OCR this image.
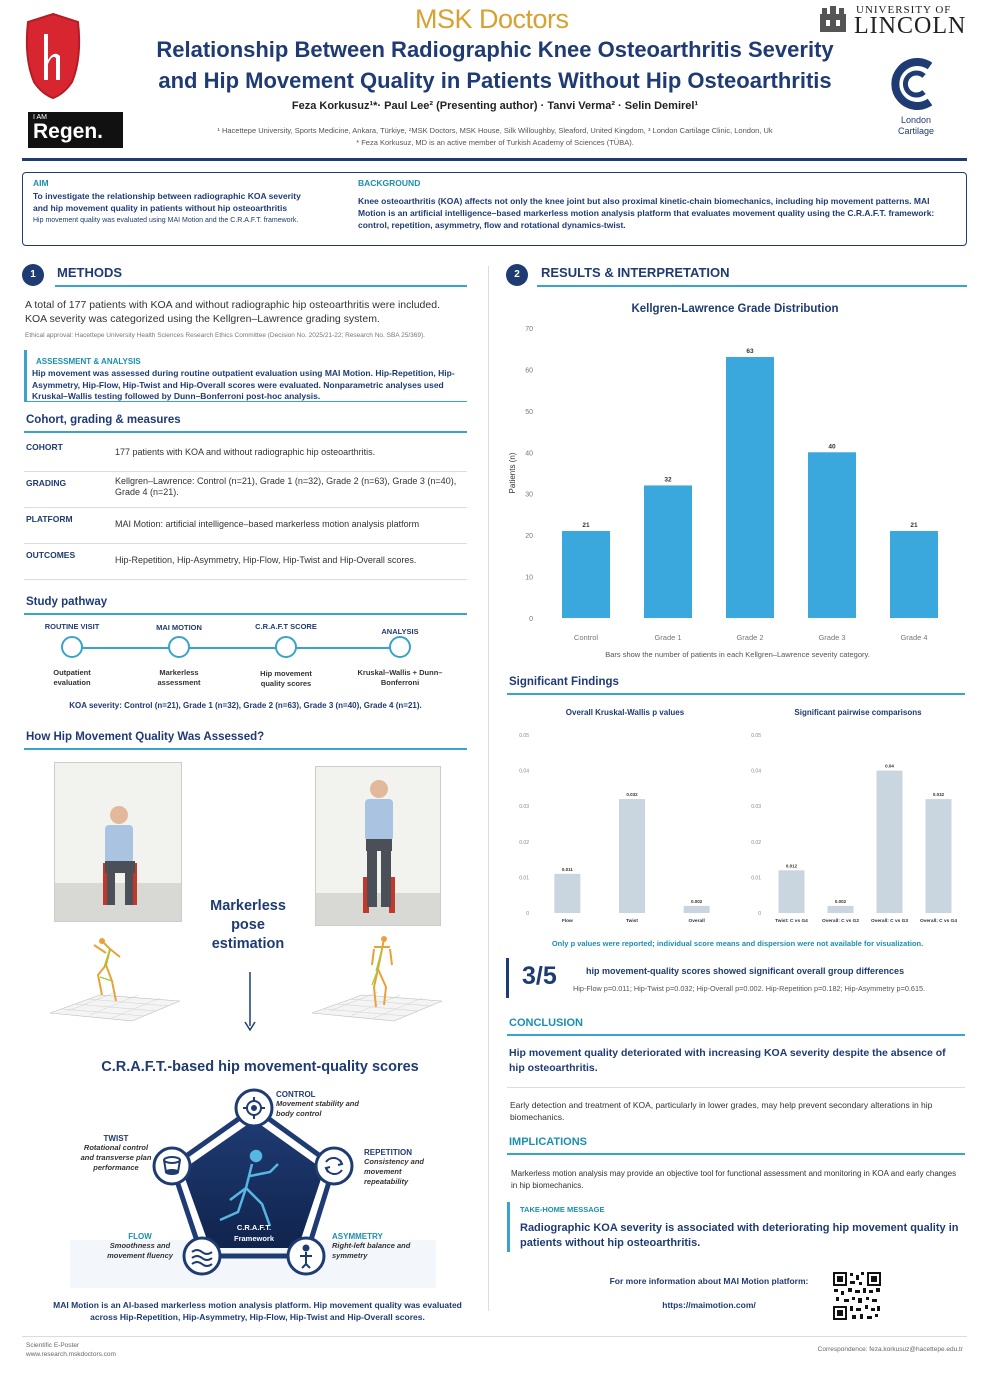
MSK Doctors	UNIVERSITY OF
LINCOLN
Relationship Between Radiographic Knee Osteoarthritis Severity
and Hip Movement Quality in Patients Without Hip Osteoarthritis
London Cartilage
Feza Korkusuz¹*· Paul Lee² (Presenting author) · Tanvi Verma² · Selin Demirel¹
¹ Hacettepe University, Sports Medicine, Ankara, Türkiye, ²MSK Doctors, MSK House, Silk Willoughby, Sleaford, United Kingdom, ³ London Cartilage Clinic, London, Uk
* Feza Korkusuz, MD is an active member of Turkish Academy of Sciences (TÜBA).
I AM
Regen.
AIM
To investigate the relationship between radiographic KOA severity and hip movement quality in patients without hip osteoarthritis
Hip movement quality was evaluated using MAI Motion and the C.R.A.F.T. framework.
BACKGROUND
Knee osteoarthritis (KOA) affects not only the knee joint but also proximal kinetic-chain biomechanics, including hip movement patterns. MAI Motion is an artificial intelligence–based markerless motion analysis platform that evaluates movement quality using the C.R.A.F.T. framework: control, repetition, asymmetry, flow and rotational dynamics-twist.
1	METHODS
A total of 177 patients with KOA and without radiographic hip osteoarthritis were included. KOA severity was categorized using the Kellgren–Lawrence grading system.
Ethical approval: Hacettepe University Health Sciences Research Ethics Committee (Decision No. 2025/21-22; Research No. SBA 25/369).
ASSESSMENT & ANALYSIS
Hip movement was assessed during routine outpatient evaluation using MAI Motion. Hip-Repetition, Hip-Asymmetry, Hip-Flow, Hip-Twist and Hip-Overall scores were evaluated. Nonparametric analyses used Kruskal–Wallis testing followed by Dunn–Bonferroni post-hoc analysis.
Cohort, grading & measures
COHORT	177 patients with KOA and without radiographic hip osteoarthritis.
GRADING	Kellgren–Lawrence: Control (n=21), Grade 1 (n=32), Grade 2 (n=63), Grade 3 (n=40), Grade 4 (n=21).
PLATFORM	MAI Motion: artificial intelligence–based markerless motion analysis platform
OUTCOMES	Hip-Repetition, Hip-Asymmetry, Hip-Flow, Hip-Twist and Hip-Overall scores.
Study pathway
ROUTINE VISIT
Outpatient evaluation
MAI MOTION
Markerless assessment
C.R.A.F.T SCORE
Hip movement quality scores
ANALYSIS
Kruskal–Wallis + Dunn–Bonferroni
KOA severity: Control (n=21), Grade 1 (n=32), Grade 2 (n=63), Grade 3 (n=40), Grade 4 (n=21).
How Hip Movement Quality Was Assessed?
Markerless pose estimation
C.R.A.F.T.-based hip movement-quality scores
C.R.A.F.T.
Framework
CONTROL
Movement stability and body control
REPETITION
Consistency and movement repeatability
ASYMMETRY
Right-left balance and symmetry
FLOW
Smoothness and movement fluency
TWIST
Rotational control and transverse plan performance
MAI Motion is an AI-based markerless motion analysis platform. Hip movement quality was evaluated across Hip-Repetition, Hip-Asymmetry, Hip-Flow, Hip-Twist and Hip-Overall scores.
2	RESULTS & INTERPRETATION
Kellgren-Lawrence Grade Distribution
0
10
20
30
40
50
60
70
Patients (n)
21
Control
32
Grade 1
63
Grade 2
40
Grade 3
21
Grade 4
Bars show the number of patients in each Kellgren–Lawrence severity category.
Significant Findings
Overall Kruskal-Wallis p values
0
0.01
0.02
0.03
0.04
0.05
0.011
Flow
0.032
Twist
0.002
Overall
Significant pairwise comparisons
0
0.01
0.02
0.03
0.04
0.05
0.012
Twist: C vs G4
0.002
Overall: C vs G2
0.04
Overall: C vs G3
0.032
Overall: C vs G4
Only p values were reported; individual score means and dispersion were not available for visualization.
3/5	hip movement-quality scores showed significant overall group differences
Hip-Flow p=0.011; Hip-Twist p=0.032; Hip-Overall p=0.002. Hip-Repetition p=0.182; Hip-Asymmetry p=0.615.
CONCLUSION
Hip movement quality deteriorated with increasing KOA severity despite the absence of hip osteoarthritis.
Early detection and treatment of KOA, particularly in lower grades, may help prevent secondary alterations in hip biomechanics.
IMPLICATIONS
Markerless motion analysis may provide an objective tool for functional assessment and monitoring in KOA and early changes in hip biomechanics.
TAKE-HOME MESSAGE
Radiographic KOA severity is associated with deteriorating hip movement quality in patients without hip osteoarthritis.
For more information about MAI Motion platform:
https://maimotion.com/
Scientific E-Poster
www.research.mskdoctors.com
Correspondence: feza.korkusuz@hacettepe.edu.tr
